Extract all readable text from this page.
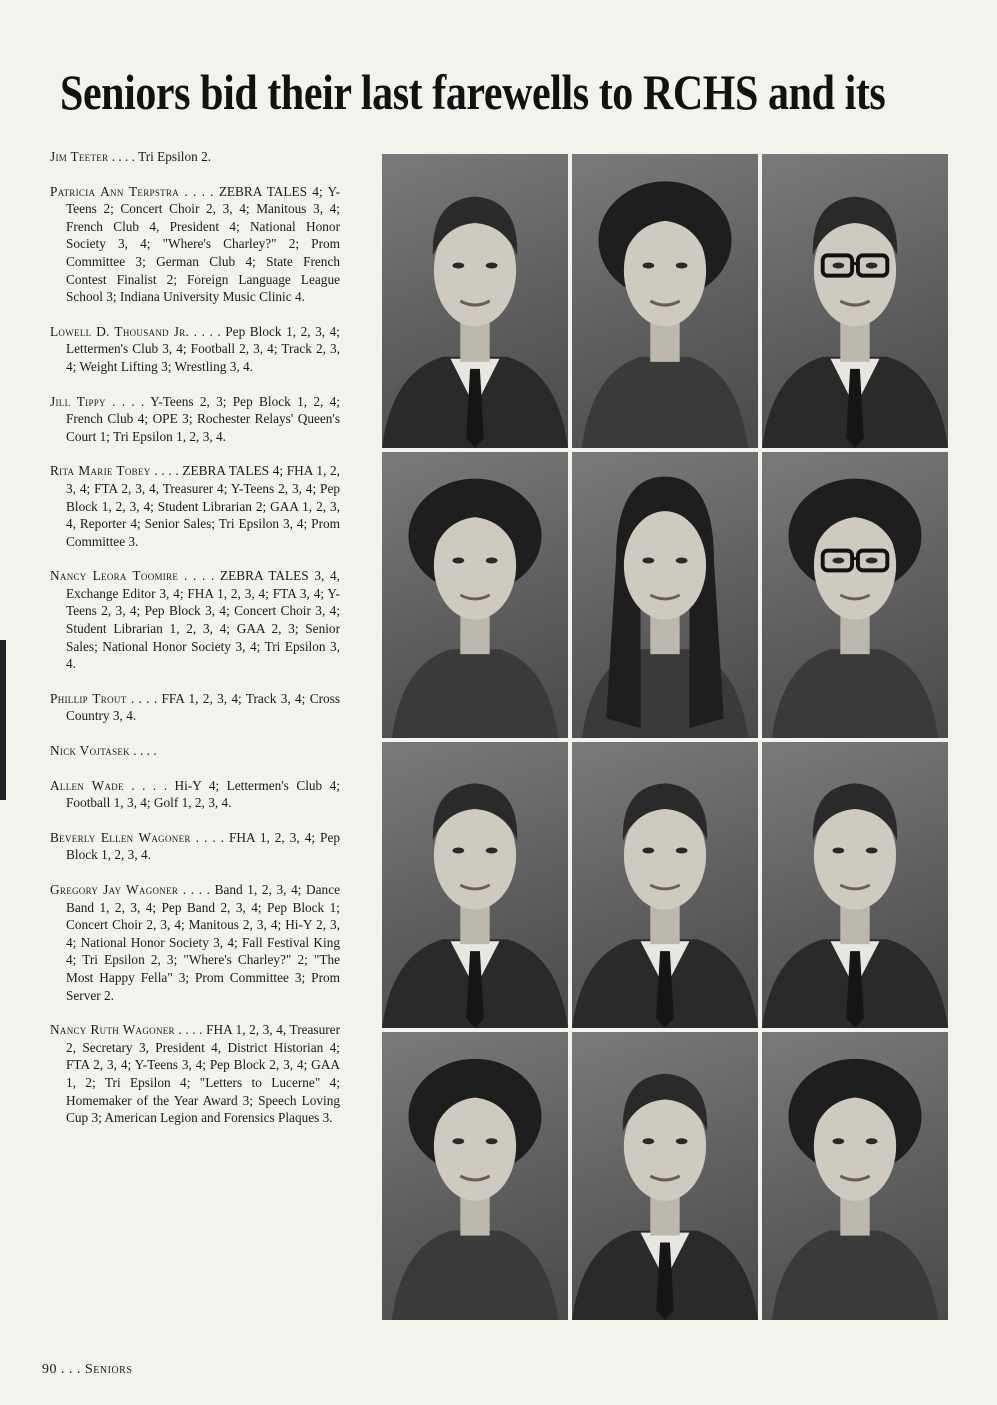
Seniors bid their last farewells to RCHS and its

Jim Teeter . . . . Tri Epsilon 2.

Patricia Ann Terpstra . . . . ZEBRA TALES 4; Y-Teens 2; Concert Choir 2, 3, 4; Manitous 3, 4; French Club 4, President 4; National Honor Society 3, 4; "Where's Charley?" 2; Prom Committee 3; German Club 4; State French Contest Finalist 2; Foreign Language League School 3; Indiana University Music Clinic 4.

Lowell D. Thousand Jr. . . . . Pep Block 1, 2, 3, 4; Lettermen's Club 3, 4; Football 2, 3, 4; Track 2, 3, 4; Weight Lifting 3; Wrestling 3, 4.

Jill Tippy . . . . Y-Teens 2, 3; Pep Block 1, 2, 4; French Club 4; OPE 3; Rochester Relays' Queen's Court 1; Tri Epsilon 1, 2, 3, 4.

Rita Marie Tobey . . . . ZEBRA TALES 4; FHA 1, 2, 3, 4; FTA 2, 3, 4, Treasurer 4; Y-Teens 2, 3, 4; Pep Block 1, 2, 3, 4; Student Librarian 2; GAA 1, 2, 3, 4, Reporter 4; Senior Sales; Tri Epsilon 3, 4; Prom Committee 3.

Nancy Leora Toomire . . . . ZEBRA TALES 3, 4, Exchange Editor 3, 4; FHA 1, 2, 3, 4; FTA 3, 4; Y-Teens 2, 3, 4; Pep Block 3, 4; Concert Choir 3, 4; Student Librarian 1, 2, 3, 4; GAA 2, 3; Senior Sales; National Honor Society 3, 4; Tri Epsilon 3, 4.

Phillip Trout . . . . FFA 1, 2, 3, 4; Track 3, 4; Cross Country 3, 4.

Nick Vojtasek . . . .

Allen Wade . . . . Hi-Y 4; Lettermen's Club 4; Football 1, 3, 4; Golf 1, 2, 3, 4.

Beverly Ellen Wagoner . . . . FHA 1, 2, 3, 4; Pep Block 1, 2, 3, 4.

Gregory Jay Wagoner . . . . Band 1, 2, 3, 4; Dance Band 1, 2, 3, 4; Pep Band 2, 3, 4; Pep Block 1; Concert Choir 2, 3, 4; Manitous 2, 3, 4; Hi-Y 2, 3, 4; National Honor Society 3, 4; Fall Festival King 4; Tri Epsilon 2, 3; "Where's Charley?" 2; "The Most Happy Fella" 3; Prom Committee 3; Prom Server 2.

Nancy Ruth Wagoner . . . . FHA 1, 2, 3, 4, Treasurer 2, Secretary 3, President 4, District Historian 4; FTA 2, 3, 4; Y-Teens 3, 4; Pep Block 2, 3, 4; GAA 1, 2; Tri Epsilon 4; "Letters to Lucerne" 4; Homemaker of the Year Award 3; Speech Loving Cup 3; American Legion and Forensics Plaques 3.

90 . . . Seniors
